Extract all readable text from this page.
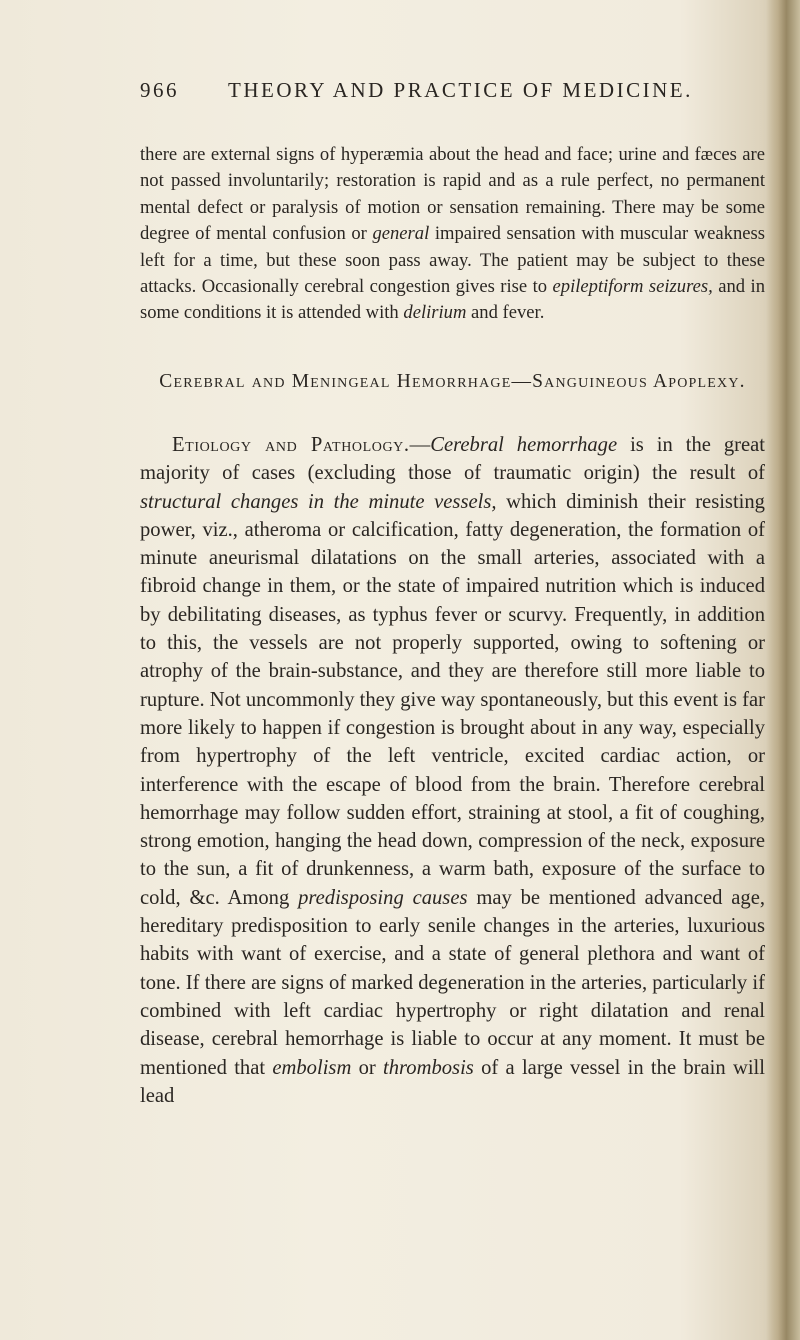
966 THEORY AND PRACTICE OF MEDICINE.

there are external signs of hyperæmia about the head and face; urine and fæces are not passed involuntarily; restoration is rapid and as a rule perfect, no permanent mental defect or paralysis of motion or sensation remaining. There may be some degree of mental confusion or general impaired sensation with muscular weakness left for a time, but these soon pass away. The patient may be subject to these attacks. Occasionally cerebral congestion gives rise to epileptiform seizures, and in some conditions it is attended with delirium and fever.

Cerebral and Meningeal Hemorrhage—Sanguineous Apoplexy.

Etiology and Pathology.—Cerebral hemorrhage is in the great majority of cases (excluding those of traumatic origin) the result of structural changes in the minute vessels, which diminish their resisting power, viz., atheroma or calcification, fatty degeneration, the formation of minute aneurismal dilatations on the small arteries, associated with a fibroid change in them, or the state of impaired nutrition which is induced by debilitating diseases, as typhus fever or scurvy. Frequently, in addition to this, the vessels are not properly supported, owing to softening or atrophy of the brain-substance, and they are therefore still more liable to rupture. Not uncommonly they give way spontaneously, but this event is far more likely to happen if congestion is brought about in any way, especially from hypertrophy of the left ventricle, excited cardiac action, or interference with the escape of blood from the brain. Therefore cerebral hemorrhage may follow sudden effort, straining at stool, a fit of coughing, strong emotion, hanging the head down, compression of the neck, exposure to the sun, a fit of drunkenness, a warm bath, exposure of the surface to cold, &c. Among predisposing causes may be mentioned advanced age, hereditary predisposition to early senile changes in the arteries, luxurious habits with want of exercise, and a state of general plethora and want of tone. If there are signs of marked degeneration in the arteries, particularly if combined with left cardiac hypertrophy or right dilatation and renal disease, cerebral hemorrhage is liable to occur at any moment. It must be mentioned that embolism or thrombosis of a large vessel in the brain will lead
